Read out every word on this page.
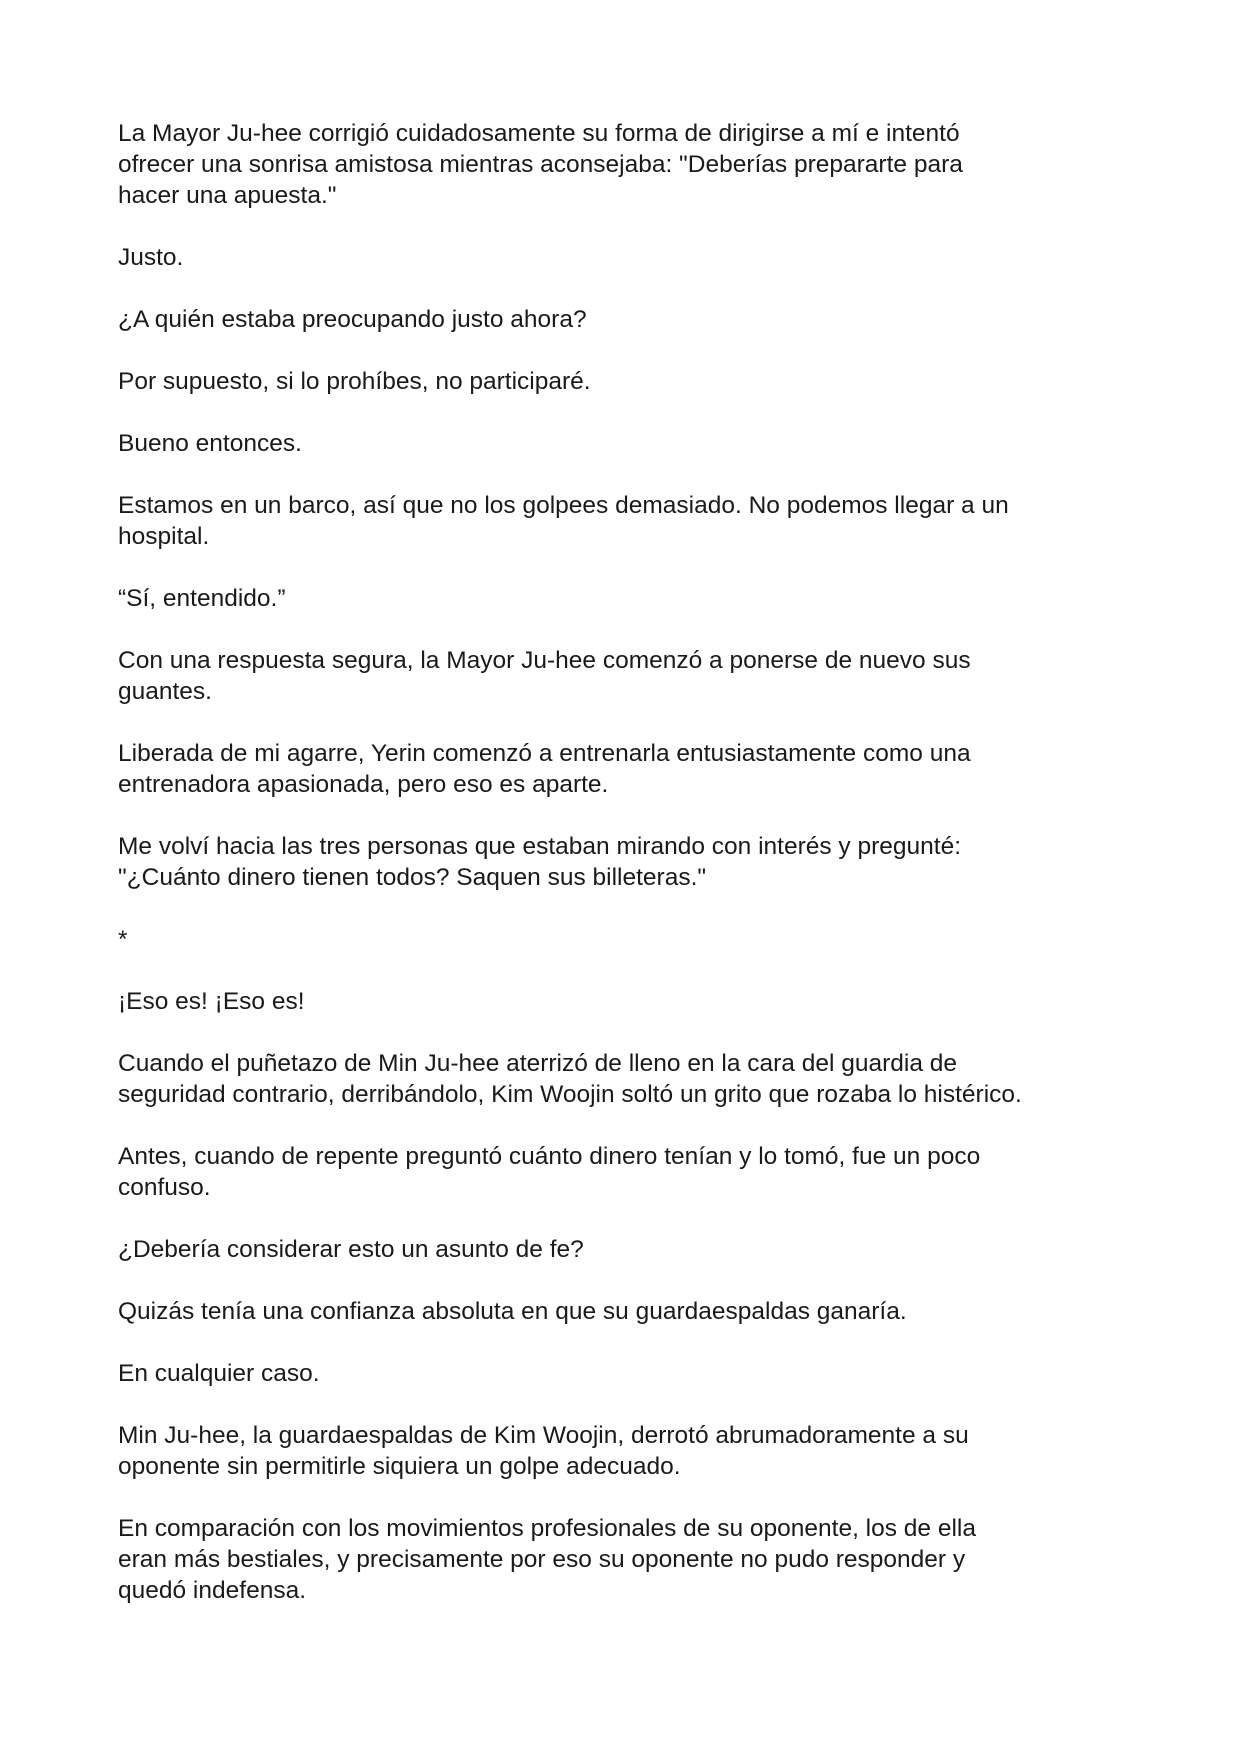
La Mayor Ju-hee corrigió cuidadosamente su forma de dirigirse a mí e intentó
ofrecer una sonrisa amistosa mientras aconsejaba: "Deberías prepararte para
hacer una apuesta."

Justo.

¿A quién estaba preocupando justo ahora?

Por supuesto, si lo prohíbes, no participaré.

Bueno entonces.

Estamos en un barco, así que no los golpees demasiado. No podemos llegar a un
hospital.

“Sí, entendido.”

Con una respuesta segura, la Mayor Ju-hee comenzó a ponerse de nuevo sus
guantes.

Liberada de mi agarre, Yerin comenzó a entrenarla entusiastamente como una
entrenadora apasionada, pero eso es aparte.

Me volví hacia las tres personas que estaban mirando con interés y pregunté:
"¿Cuánto dinero tienen todos? Saquen sus billeteras."

*

¡Eso es! ¡Eso es!

Cuando el puñetazo de Min Ju-hee aterrizó de lleno en la cara del guardia de
seguridad contrario, derribándolo, Kim Woojin soltó un grito que rozaba lo histérico.

Antes, cuando de repente preguntó cuánto dinero tenían y lo tomó, fue un poco
confuso.

¿Debería considerar esto un asunto de fe?

Quizás tenía una confianza absoluta en que su guardaespaldas ganaría.

En cualquier caso.

Min Ju-hee, la guardaespaldas de Kim Woojin, derrotó abrumadoramente a su
oponente sin permitirle siquiera un golpe adecuado.

En comparación con los movimientos profesionales de su oponente, los de ella
eran más bestiales, y precisamente por eso su oponente no pudo responder y
quedó indefensa.
